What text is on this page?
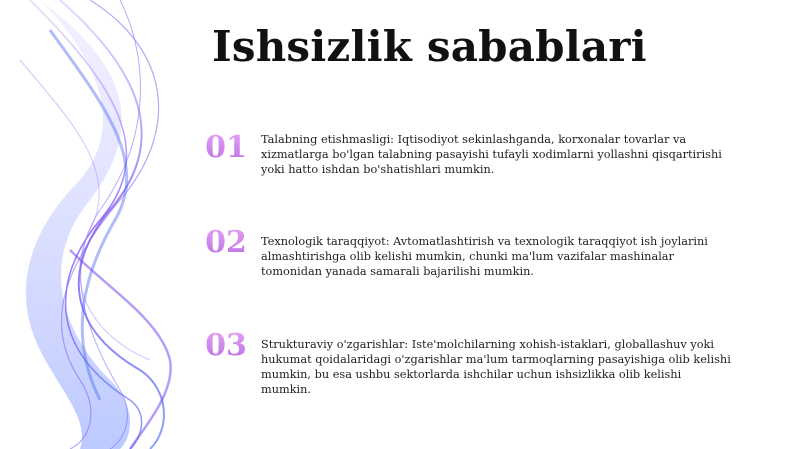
Ishsizlik sabablari
01	Talabning etishmasligi: Iqtisodiyot sekinlashganda, korxonalar tovarlar va xizmatlarga bo'lgan talabning pasayishi tufayli xodimlarni yollashni qisqartirishi yoki hatto ishdan bo'shatishlari mumkin.

02	Texnologik taraqqiyot: Avtomatlashtirish va texnologik taraqqiyot ish joylarini almashtirishga olib kelishi mumkin, chunki ma'lum vazifalar mashinalar tomonidan yanada samarali bajarilishi mumkin.

03	Strukturaviy o'zgarishlar: Iste'molchilarning xohish-istaklari, globallashuv yoki hukumat qoidalaridagi o'zgarishlar ma'lum tarmoqlarning pasayishiga olib kelishi mumkin, bu esa ushbu sektorlarda ishchilar uchun ishsizlikka olib kelishi mumkin.
